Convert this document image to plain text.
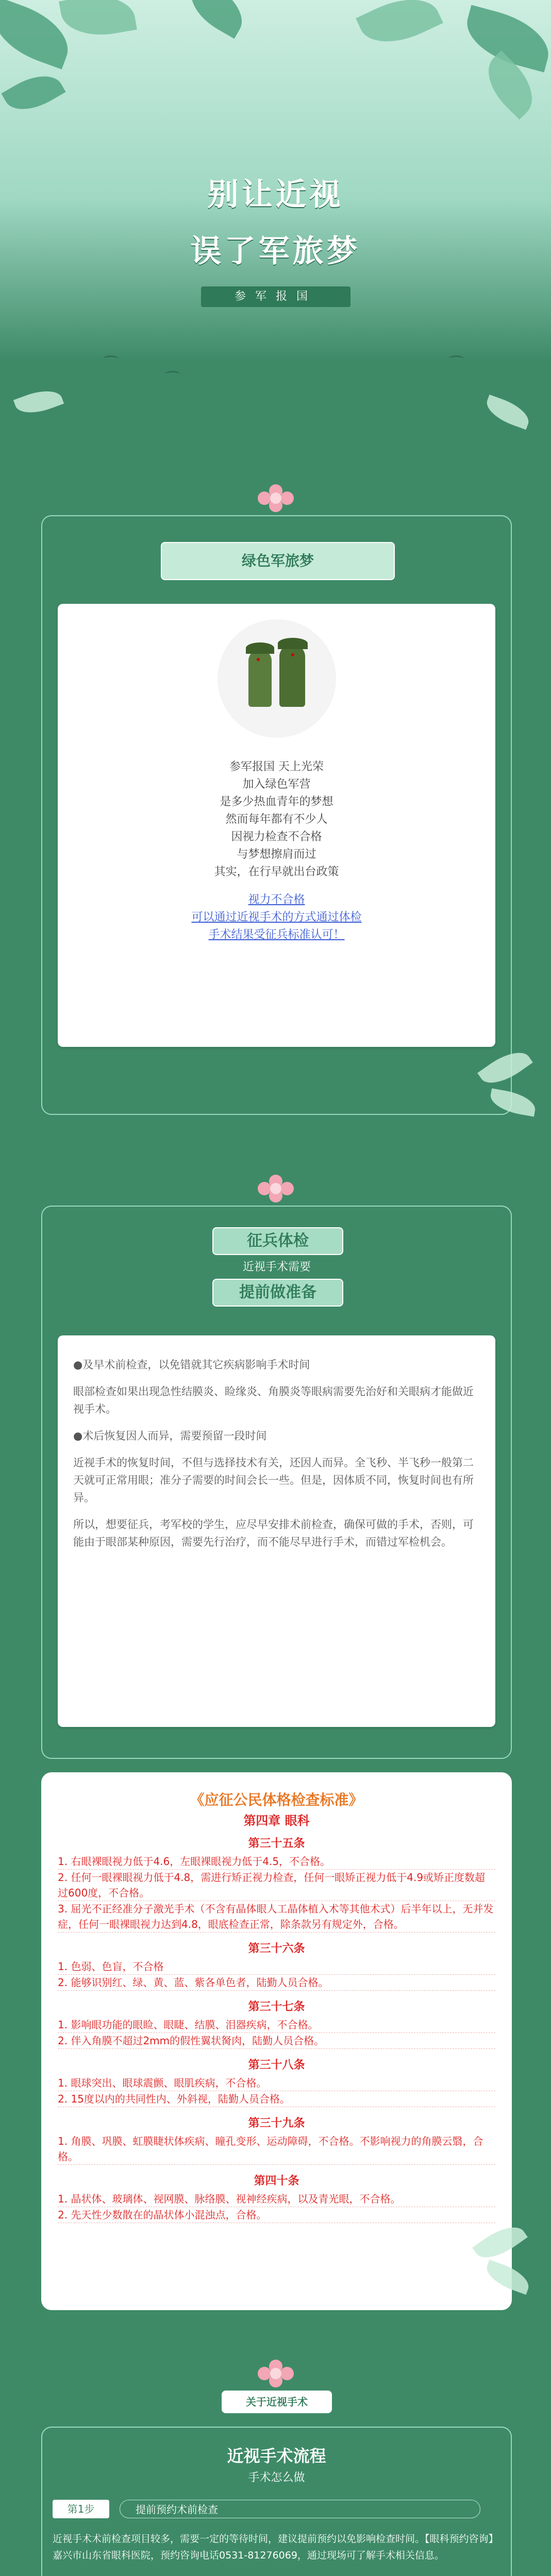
别让近视
误了军旅梦
参军报国
绿色军旅梦
参军报国 天上光荣
加入绿色军营
是多少热血青年的梦想
然而每年都有不少人
因视力检查不合格
与梦想擦肩而过
其实，在行早就出台政策
视力不合格
可以通过近视手术的方式通过体检
手术结果受征兵标准认可！
征兵体检
近视手术需要
提前做准备

●及早术前检查，以免错就其它疾病影响手术时间

眼部检查如果出现急性结膜炎、睑缘炎、角膜炎等眼病需要先治好和关眼病才能做近视手术。

●术后恢复因人而异，需要预留一段时间

近视手术的恢复时间，不但与选择技术有关，还因人而异。全飞秒、半飞秒一般第二天就可正常用眼；准分子需要的时间会长一些。但是，因体质不同，恢复时间也有所异。

所以，想要征兵，考军校的学生，应尽早安排术前检查，确保可做的手术，否则，可能由于眼部某种原因，需要先行治疗，而不能尽早进行手术，而错过军检机会。

《应征公民体格检查标准》
第四章 眼科
第三十五条
1. 右眼裸眼视力低于4.6，左眼裸眼视力低于4.5，不合格。
2. 任何一眼裸眼视力低于4.8，需进行矫正视力检查，任何一眼矫正视力低于4.9或矫正度数超过600度，不合格。
3. 屈光不正经准分子激光手术（不含有晶体眼人工晶体植入术等其他术式）后半年以上，无并发症，任何一眼裸眼视力达到4.8，眼底检查正常，除条款另有规定外，合格。
第三十六条
1. 色弱、色盲，不合格
2. 能够识别红、绿、黄、蓝、紫各单色者，陆勤人员合格。
第三十七条
1. 影响眼功能的眼睑、眼睫、结膜、泪器疾病，不合格。
2. 伴入角膜不超过2mm的假性翼状胬肉，陆勤人员合格。
第三十八条
1. 眼球突出、眼球震颤、眼肌疾病，不合格。
2. 15度以内的共同性内、外斜视，陆勤人员合格。
第三十九条
1. 角膜、巩膜、虹膜睫状体疾病、瞳孔变形、运动障碍，不合格。不影响视力的角膜云翳，合格。
第四十条
1. 晶状体、玻璃体、视网膜、脉络膜、视神经疾病，以及青光眼，不合格。
2. 先天性少数散在的晶状体小混浊点，合格。
关于近视手术
近视手术流程
手术怎么做
第1步	提前预约术前检查
近视手术术前检查项目较多，需要一定的等待时间，建议提前预约以免影响检查时间。【眼科预约咨询】嘉兴市山东省眼科医院，预约咨询电话0531-81276069，通过现场可了解手术相关信息。
